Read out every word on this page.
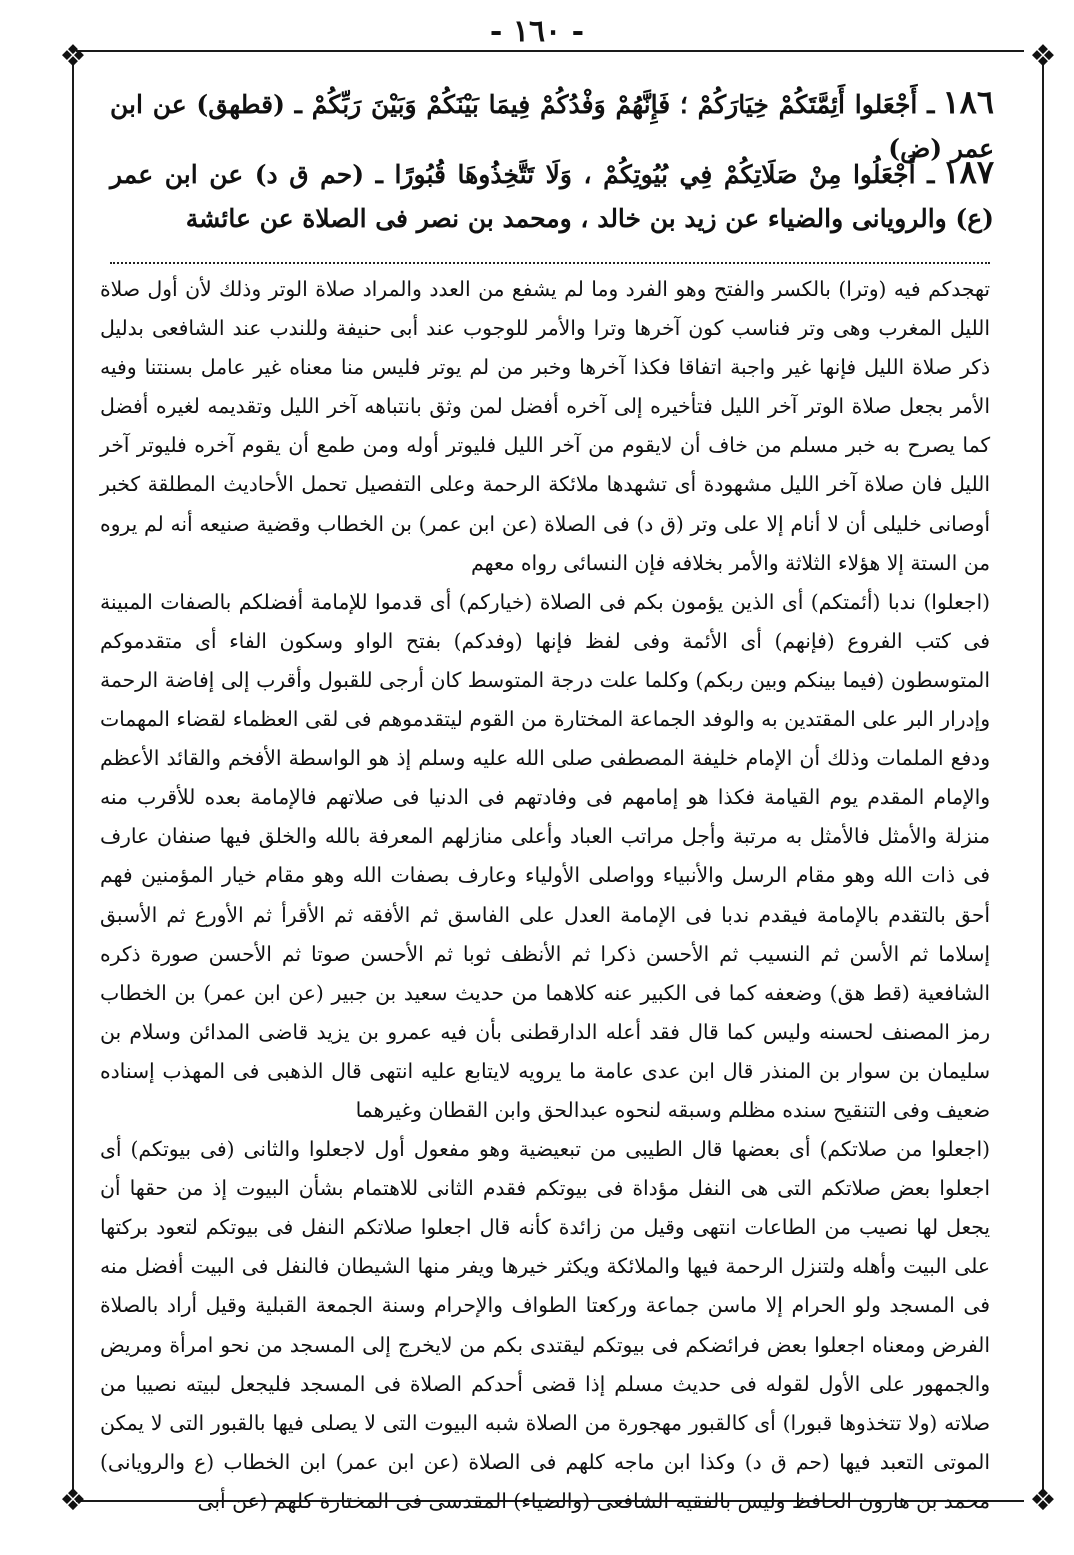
❖	❖
❖	❖
- ١٦٠ -
١٨٦ـ أَجْعَلوا أَئِمَّتَكُمْ خِيَارَكُمْ ؛ فَإِنَّهُمْ وَفْدُكُمْ فِيمَا بَيْنَكُمْ وَبَيْنَ رَبِّكُمْ ـ (قطهق) عن ابن عمر (ض)
١٨٧ـ أَجْعَلُوا مِنْ صَلَاتِكُمْ فِي بُيُوتِكُمْ ، وَلَا تَتَّخِذُوهَا قُبُورًا ـ (حم ق د) عن ابن عمر (ع) والرويانى والضياء عن زيد بن خالد ، ومحمد بن نصر فى الصلاة عن عائشة

تهجدكم فيه (وترا) بالكسر والفتح وهو الفرد وما لم يشفع من العدد والمراد صلاة الوتر وذلك لأن أول صلاة الليل المغرب وهى وتر فناسب كون آخرها وترا والأمر للوجوب عند أبى حنيفة وللندب عند الشافعى بدليل ذكر صلاة الليل فإنها غير واجبة اتفاقا فكذا آخرها وخبر من لم يوتر فليس منا معناه غير عامل بسنتنا وفيه الأمر بجعل صلاة الوتر آخر الليل فتأخيره إلى آخره أفضل لمن وثق بانتباهه آخر الليل وتقديمه لغيره أفضل كما يصرح به خبر مسلم من خاف أن لايقوم من آخر الليل فليوتر أوله ومن طمع أن يقوم آخره فليوتر آخر الليل فان صلاة آخر الليل مشهودة أى تشهدها ملائكة الرحمة وعلى التفصيل تحمل الأحاديث المطلقة كخبر أوصانى خليلى أن لا أنام إلا على وتر (ق د) فى الصلاة (عن ابن عمر) بن الخطاب وقضية صنيعه أنه لم يروه من الستة إلا هؤلاء الثلاثة والأمر بخلافه فإن النسائى رواه معهم

(اجعلوا) ندبا (أئمتكم) أى الذين يؤمون بكم فى الصلاة (خياركم) أى قدموا للإمامة أفضلكم بالصفات المبينة فى كتب الفروع (فإنهم) أى الأئمة وفى لفظ فإنها (وفدكم) بفتح الواو وسكون الفاء أى متقدموكم المتوسطون (فيما بينكم وبين ربكم) وكلما علت درجة المتوسط كان أرجى للقبول وأقرب إلى إفاضة الرحمة وإدرار البر على المقتدين به والوفد الجماعة المختارة من القوم ليتقدموهم فى لقى العظماء لقضاء المهمات ودفع الملمات وذلك أن الإمام خليفة المصطفى صلى الله عليه وسلم إذ هو الواسطة الأفخم والقائد الأعظم والإمام المقدم يوم القيامة فكذا هو إمامهم فى وفادتهم فى الدنيا فى صلاتهم فالإمامة بعده للأقرب منه منزلة والأمثل فالأمثل به مرتبة وأجل مراتب العباد وأعلى منازلهم المعرفة بالله والخلق فيها صنفان عارف فى ذات الله وهو مقام الرسل والأنبياء وواصلى الأولياء وعارف بصفات الله وهو مقام خيار المؤمنين فهم أحق بالتقدم بالإمامة فيقدم ندبا فى الإمامة العدل على الفاسق ثم الأفقه ثم الأقرأ ثم الأورع ثم الأسبق إسلاما ثم الأسن ثم النسيب ثم الأحسن ذكرا ثم الأنظف ثوبا ثم الأحسن صوتا ثم الأحسن صورة ذكره الشافعية (قط هق) وضعفه كما فى الكبير عنه كلاهما من حديث سعيد بن جبير (عن ابن عمر) بن الخطاب رمز المصنف لحسنه وليس كما قال فقد أعله الدارقطنى بأن فيه عمرو بن يزيد قاضى المدائن وسلام بن سليمان بن سوار بن المنذر قال ابن عدى عامة ما يرويه لايتابع عليه انتهى قال الذهبى فى المهذب إسناده ضعيف وفى التنقيح سنده مظلم وسبقه لنحوه عبدالحق وابن القطان وغيرهما

(اجعلوا من صلاتكم) أى بعضها قال الطيبى من تبعيضية وهو مفعول أول لاجعلوا والثانى (فى بيوتكم) أى اجعلوا بعض صلاتكم التى هى النفل مؤداة فى بيوتكم فقدم الثانى للاهتمام بشأن البيوت إذ من حقها أن يجعل لها نصيب من الطاعات انتهى وقيل من زائدة كأنه قال اجعلوا صلاتكم النفل فى بيوتكم لتعود بركتها على البيت وأهله ولتنزل الرحمة فيها والملائكة ويكثر خيرها ويفر منها الشيطان فالنفل فى البيت أفضل منه فى المسجد ولو الحرام إلا ماسن جماعة وركعتا الطواف والإحرام وسنة الجمعة القبلية وقيل أراد بالصلاة الفرض ومعناه اجعلوا بعض فرائضكم فى بيوتكم ليقتدى بكم من لايخرج إلى المسجد من نحو امرأة ومريض والجمهور على الأول لقوله فى حديث مسلم إذا قضى أحدكم الصلاة فى المسجد فليجعل لبيته نصيبا من صلاته (ولا تتخذوها قبورا) أى كالقبور مهجورة من الصلاة شبه البيوت التى لا يصلى فيها بالقبور التى لا يمكن الموتى التعبد فيها (حم ق د) وكذا ابن ماجه كلهم فى الصلاة (عن ابن عمر) ابن الخطاب (ع والرويانى) محمد بن هارون الحافظ وليس بالفقيه الشافعى (والضياء) المقدسى فى المختارة كلهم (عن أبى
